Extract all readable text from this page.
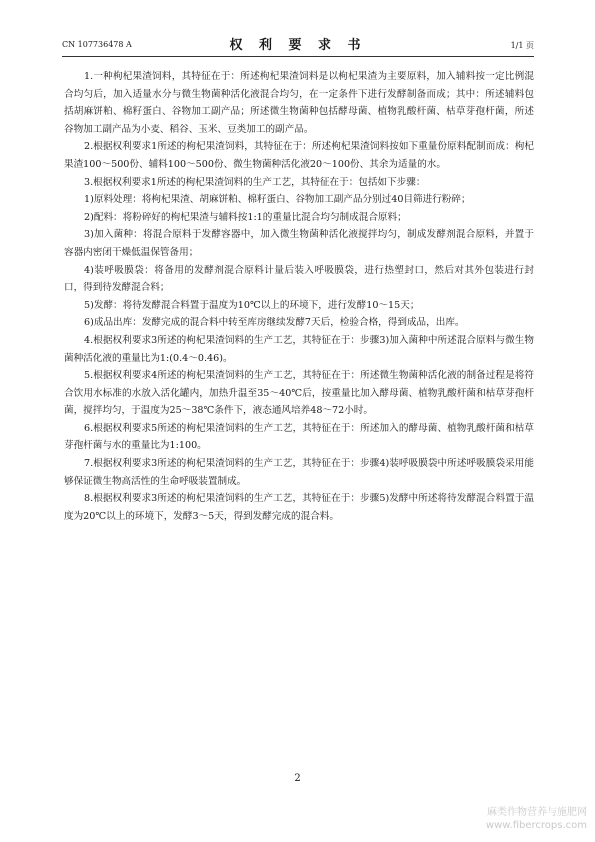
CN 107736478 A	权 利 要 求 书	1/1 页

1.一种枸杞果渣饲料，其特征在于：所述枸杞果渣饲料是以枸杞果渣为主要原料，加入辅料按一定比例混合均匀后，加入适量水分与微生物菌种活化液混合均匀，在一定条件下进行发酵制备而成；其中：所述辅料包括胡麻饼粕、棉籽蛋白、谷物加工副产品；所述微生物菌种包括酵母菌、植物乳酸杆菌、枯草芽孢杆菌，所述谷物加工副产品为小麦、稻谷、玉米、豆类加工的副产品。

2.根据权利要求1所述的枸杞果渣饲料，其特征在于：所述枸杞果渣饲料按如下重量份原料配制而成：枸杞果渣100～500份、辅料100～500份、微生物菌种活化液20～100份、其余为适量的水。

3.根据权利要求1所述的枸杞果渣饲料的生产工艺，其特征在于：包括如下步骤：

1)原料处理：将枸杞果渣、胡麻饼粕、棉籽蛋白、谷物加工副产品分别过40目筛进行粉碎；

2)配料：将粉碎好的枸杞果渣与辅料按1:1的重量比混合均匀制成混合原料；

3)加入菌种：将混合原料于发酵容器中，加入微生物菌种活化液搅拌均匀，制成发酵剂混合原料，并置于容器内密闭干燥低温保管备用；

4)装呼吸膜袋：将备用的发酵剂混合原料计量后装入呼吸膜袋，进行热塑封口，然后对其外包装进行封口，得到待发酵混合料；

5)发酵：将待发酵混合料置于温度为10℃以上的环境下，进行发酵10～15天；

6)成品出库：发酵完成的混合料中转至库房继续发酵7天后，检验合格，得到成品，出库。

4.根据权利要求3所述的枸杞果渣饲料的生产工艺，其特征在于：步骤3)加入菌种中所述混合原料与微生物菌种活化液的重量比为1:(0.4～0.46)。

5.根据权利要求4所述的枸杞果渣饲料的生产工艺，其特征在于：所述微生物菌种活化液的制备过程是将符合饮用水标准的水放入活化罐内，加热升温至35～40℃后，按重量比加入酵母菌、植物乳酸杆菌和枯草芽孢杆菌，搅拌均匀，于温度为25～38℃条件下，液态通风培养48～72小时。

6.根据权利要求5所述的枸杞果渣饲料的生产工艺，其特征在于：所述加入的酵母菌、植物乳酸杆菌和枯草芽孢杆菌与水的重量比为1:100。

7.根据权利要求3所述的枸杞果渣饲料的生产工艺，其特征在于：步骤4)装呼吸膜袋中所述呼吸膜袋采用能够保证微生物高活性的生命呼吸装置制成。

8.根据权利要求3所述的枸杞果渣饲料的生产工艺，其特征在于：步骤5)发酵中所述将待发酵混合料置于温度为20℃以上的环境下，发酵3～5天，得到发酵完成的混合料。

2
麻类作物营养与施肥网
www.fibercrops.com
